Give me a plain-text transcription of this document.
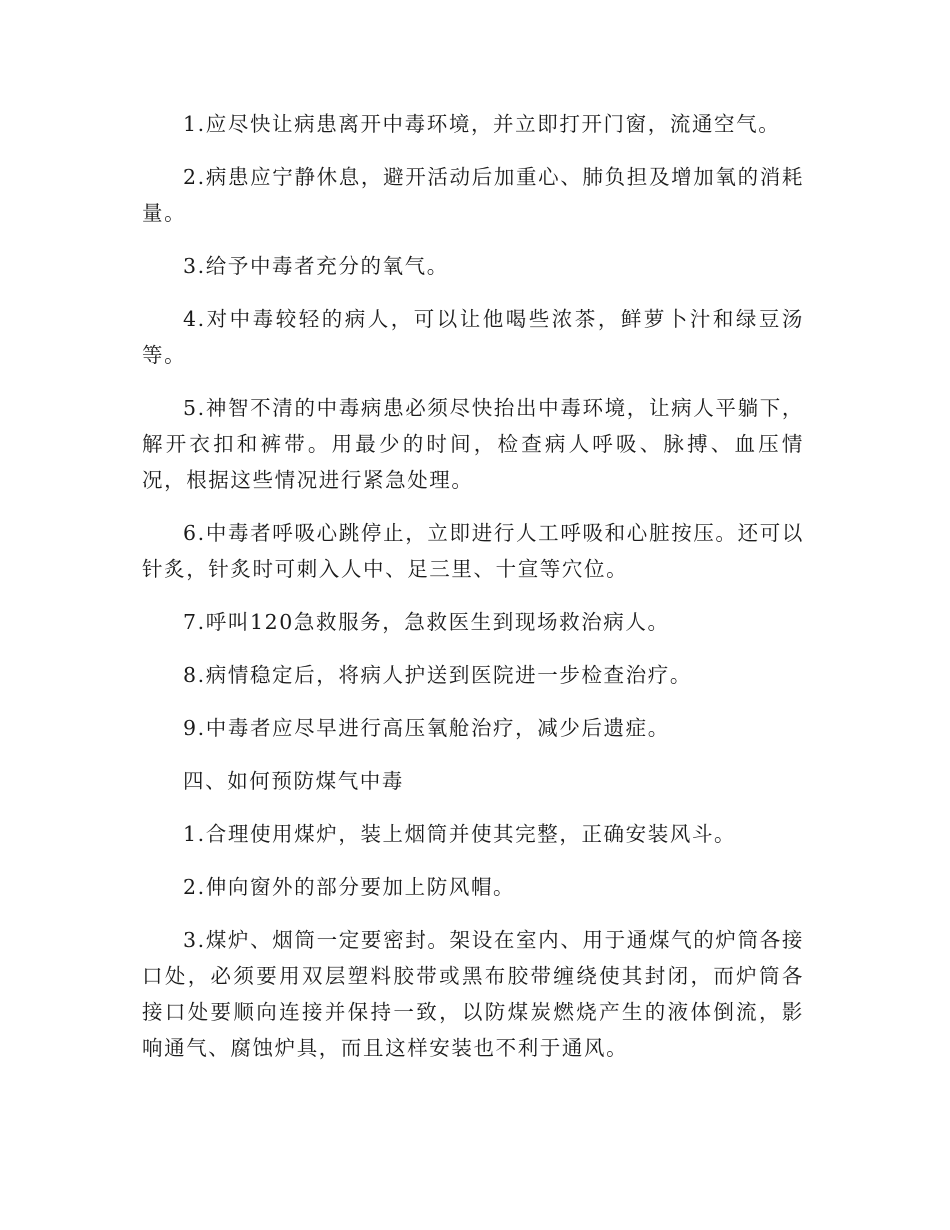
1.应尽快让病患离开中毒环境，并立即打开门窗，流通空气。

2.病患应宁静休息，避开活动后加重心、肺负担及增加氧的消耗量。

3.给予中毒者充分的氧气。

4.对中毒较轻的病人，可以让他喝些浓茶，鲜萝卜汁和绿豆汤等。

5.神智不清的中毒病患必须尽快抬出中毒环境，让病人平躺下，解开衣扣和裤带。用最少的时间，检查病人呼吸、脉搏、血压情况，根据这些情况进行紧急处理。

6.中毒者呼吸心跳停止，立即进行人工呼吸和心脏按压。还可以针炙，针炙时可刺入人中、足三里、十宣等穴位。

7.呼叫120急救服务，急救医生到现场救治病人。

8.病情稳定后，将病人护送到医院进一步检查治疗。

9.中毒者应尽早进行高压氧舱治疗，减少后遗症。

四、如何预防煤气中毒

1.合理使用煤炉，装上烟筒并使其完整，正确安装风斗。

2.伸向窗外的部分要加上防风帽。

3.煤炉、烟筒一定要密封。架设在室内、用于通煤气的炉筒各接口处，必须要用双层塑料胶带或黑布胶带缠绕使其封闭，而炉筒各接口处要顺向连接并保持一致，以防煤炭燃烧产生的液体倒流，影响通气、腐蚀炉具，而且这样安装也不利于通风。
